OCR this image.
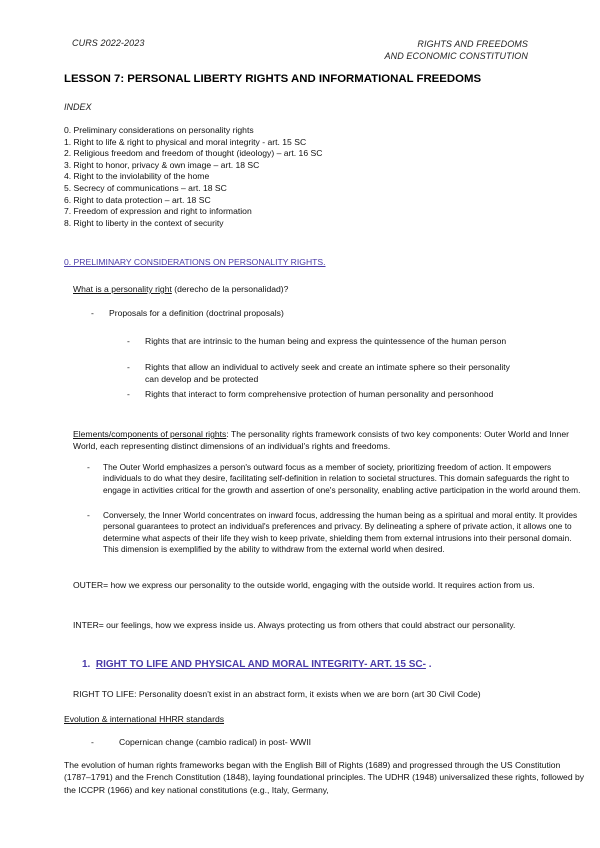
CURS 2022-2023	RIGHTS AND FREEDOMS
AND ECONOMIC CONSTITUTION
LESSON 7: PERSONAL LIBERTY RIGHTS AND INFORMATIONAL FREEDOMS
INDEX
0. Preliminary considerations on personality rights
1. Right to life & right to physical and moral integrity - art. 15 SC
2. Religious freedom and freedom of thought (ideology) – art. 16 SC
3. Right to honor, privacy & own image – art. 18 SC
4. Right to the inviolability of the home
5. Secrecy of communications – art. 18 SC
6. Right to data protection – art. 18 SC
7. Freedom of expression and right to information
8. Right to liberty in the context of security
0. PRELIMINARY CONSIDERATIONS ON PERSONALITY RIGHTS.
What is a personality right (derecho de la personalidad)?
- Proposals for a definition (doctrinal proposals)
- Rights that are intrinsic to the human being and express the quintessence of the human person
- Rights that allow an individual to actively seek and create an intimate sphere so their personality can develop and be protected
- Rights that interact to form comprehensive protection of human personality and personhood
Elements/components of personal rights: The personality rights framework consists of two key components: Outer World and Inner World, each representing distinct dimensions of an individual's rights and freedoms.
- The Outer World emphasizes a person's outward focus as a member of society, prioritizing freedom of action. It empowers individuals to do what they desire, facilitating self-definition in relation to societal structures. This domain safeguards the right to engage in activities critical for the growth and assertion of one's personality, enabling active participation in the world around them.
- Conversely, the Inner World concentrates on inward focus, addressing the human being as a spiritual and moral entity. It provides personal guarantees to protect an individual's preferences and privacy. By delineating a sphere of private action, it allows one to determine what aspects of their life they wish to keep private, shielding them from external intrusions into their personal domain. This dimension is exemplified by the ability to withdraw from the external world when desired.
OUTER= how we express our personality to the outside world, engaging with the outside world. It requires action from us.
INTER= our feelings, how we express inside us. Always protecting us from others that could abstract our personality.
1. RIGHT TO LIFE AND PHYSICAL AND MORAL INTEGRITY- ART. 15 SC- .
RIGHT TO LIFE: Personality doesn't exist in an abstract form, it exists when we are born (art 30 Civil Code)
Evolution & international HHRR standards
-	Copernican change (cambio radical) in post- WWII
The evolution of human rights frameworks began with the English Bill of Rights (1689) and progressed through the US Constitution (1787–1791) and the French Constitution (1848), laying foundational principles. The UDHR (1948) universalized these rights, followed by the ICCPR (1966) and key national constitutions (e.g., Italy, Germany,
